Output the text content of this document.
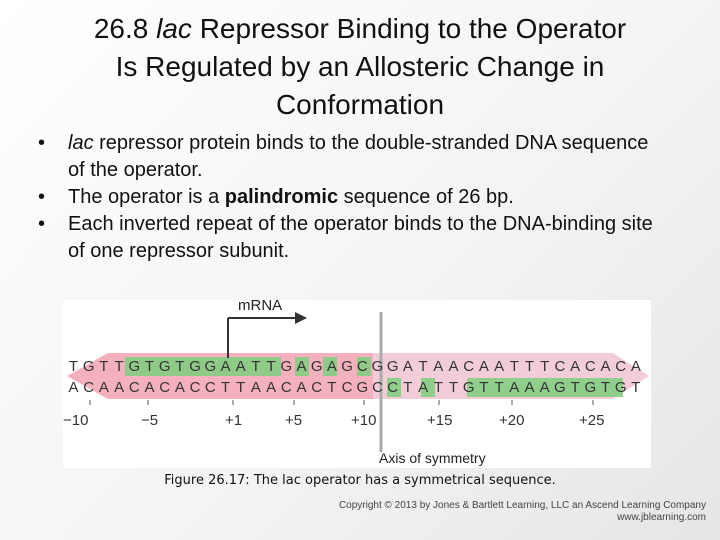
26.8 lac Repressor Binding to the Operator
Is Regulated by an Allosteric Change in
Conformation
• lac repressor protein binds to the double-stranded DNA sequence of the operator.
• The operator is a palindromic sequence of 26 bp.
• Each inverted repeat of the operator binds to the DNA-binding site of one repressor subunit.
mRNA
T G T T G T G T G G A A T T G A G A G C G G A T A A C A A T T T C A C A C A
A C A A C A C A C C T T A A C A C T C G C C T A T T G T T A A A G T G T G T
−10	−5	+1	+5	+10	+15	+20	+25
Axis of symmetry
Figure 26.17: The lac operator has a symmetrical sequence.
Copyright © 2013 by Jones & Bartlett Learning, LLC an Ascend Learning Company
www.jblearning.com
